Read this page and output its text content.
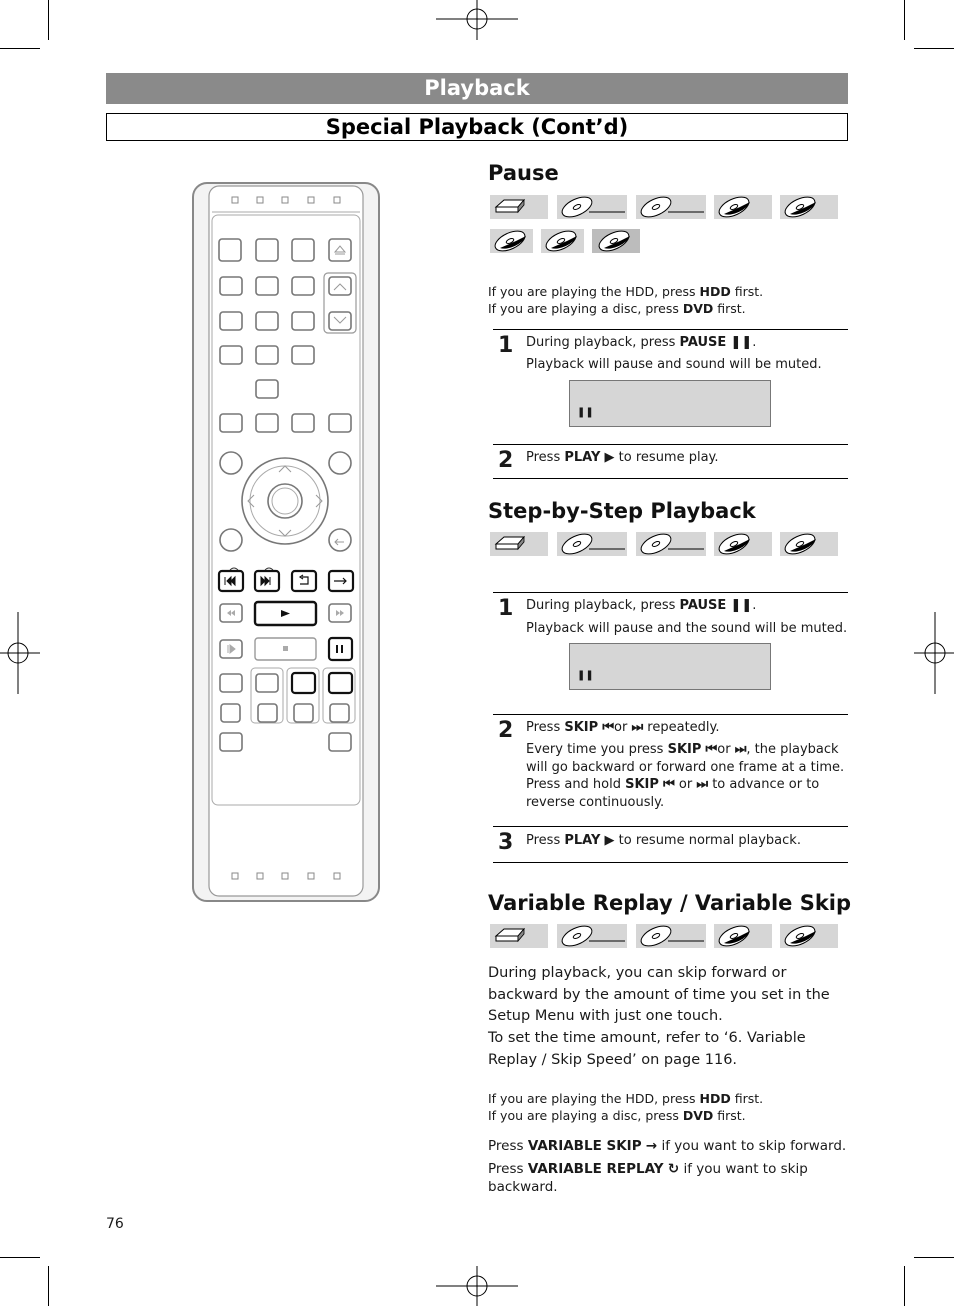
Playback
Special Playback (Cont’d)
Pause
If you are playing the HDD, press HDD first.
If you are playing a disc, press DVD first.
1 During playback, press PAUSE ❚❚.
Playback will pause and sound will be muted.
❚❚
2 Press PLAY ▶ to resume play.
Step-by-Step Playback
1 During playback, press PAUSE ❚❚.
Playback will pause and the sound will be muted.
❚❚
2 Press SKIP ⏮or ⏭ repeatedly.
Every time you press SKIP ⏮or ⏭, the playback will go backward or forward one frame at a time. Press and hold SKIP ⏮ or ⏭ to advance or to reverse continuously.
3 Press PLAY ▶ to resume normal playback.
Variable Replay / Variable Skip
During playback, you can skip forward or backward by the amount of time you set in the Setup Menu with just one touch.
To set the time amount, refer to ‘6. Variable Replay / Skip Speed’ on page 116.
If you are playing the HDD, press HDD first.
If you are playing a disc, press DVD first.
Press VARIABLE SKIP → if you want to skip forward.
Press VARIABLE REPLAY ↻ if you want to skip backward.
76
